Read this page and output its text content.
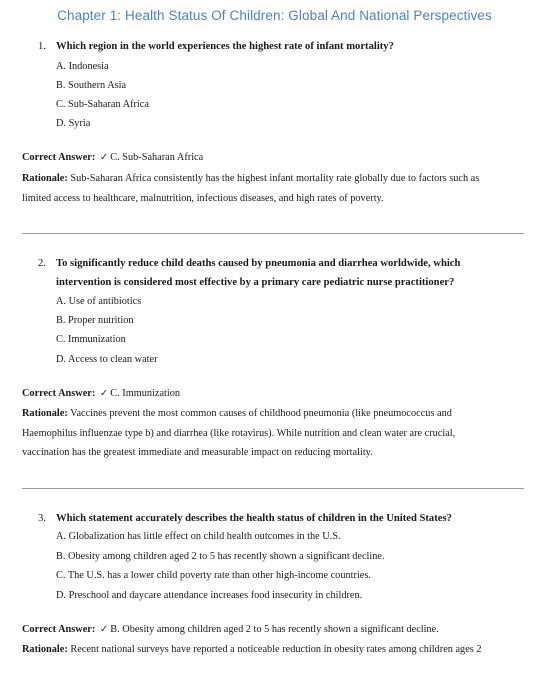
Chapter 1: Health Status Of Children: Global And National Perspectives
1. Which region in the world experiences the highest rate of infant mortality?
A. Indonesia
B. Southern Asia
C. Sub-Saharan Africa
D. Syria
Correct Answer: ✓ C. Sub-Saharan Africa
Rationale: Sub-Saharan Africa consistently has the highest infant mortality rate globally due to factors such as
limited access to healthcare, malnutrition, infectious diseases, and high rates of poverty.
2. To significantly reduce child deaths caused by pneumonia and diarrhea worldwide, which
intervention is considered most effective by a primary care pediatric nurse practitioner?
A. Use of antibiotics
B. Proper nutrition
C. Immunization
D. Access to clean water
Correct Answer: ✓ C. Immunization
Rationale: Vaccines prevent the most common causes of childhood pneumonia (like pneumococcus and
Haemophilus influenzae type b) and diarrhea (like rotavirus). While nutrition and clean water are crucial,
vaccination has the greatest immediate and measurable impact on reducing mortality.
3. Which statement accurately describes the health status of children in the United States?
A. Globalization has little effect on child health outcomes in the U.S.
B. Obesity among children aged 2 to 5 has recently shown a significant decline.
C. The U.S. has a lower child poverty rate than other high-income countries.
D. Preschool and daycare attendance increases food insecurity in children.
Correct Answer: ✓ B. Obesity among children aged 2 to 5 has recently shown a significant decline.
Rationale: Recent national surveys have reported a noticeable reduction in obesity rates among children ages 2
